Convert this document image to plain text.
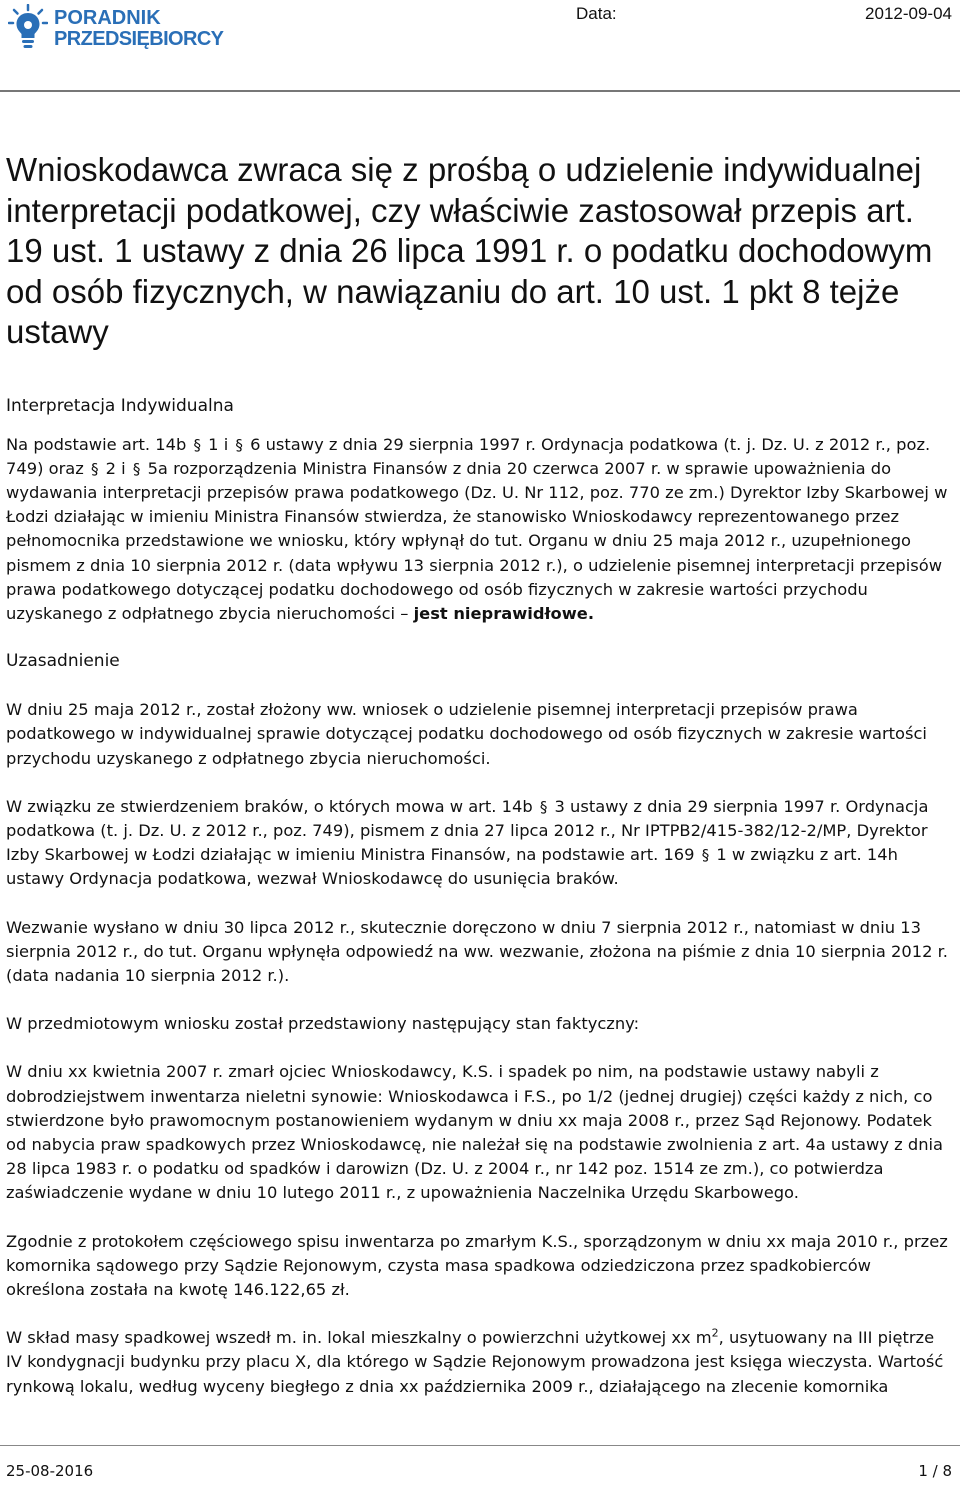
PORADNIK
PRZEDSIĘBIORCY
Data:	2012-09-04
Wnioskodawca zwraca się z prośbą o udzielenie indywidualnej interpretacji podatkowej, czy właściwie zastosował przepis art. 19 ust. 1 ustawy z dnia 26 lipca 1991 r. o podatku dochodowym od osób fizycznych, w nawiązaniu do art. 10 ust. 1 pkt 8 tejże ustawy
Interpretacja Indywidualna

Na podstawie art. 14b § 1 i § 6 ustawy z dnia 29 sierpnia 1997 r. Ordynacja podatkowa (t. j. Dz. U. z 2012 r., poz. 749) oraz § 2 i § 5a rozporządzenia Ministra Finansów z dnia 20 czerwca 2007 r. w sprawie upoważnienia do wydawania interpretacji przepisów prawa podatkowego (Dz. U. Nr 112, poz. 770 ze zm.) Dyrektor Izby Skarbowej w Łodzi działając w imieniu Ministra Finansów stwierdza, że stanowisko Wnioskodawcy reprezentowanego przez pełnomocnika przedstawione we wniosku, który wpłynął do tut. Organu w dniu 25 maja 2012 r., uzupełnionego pismem z dnia 10 sierpnia 2012 r. (data wpływu 13 sierpnia 2012 r.), o udzielenie pisemnej interpretacji przepisów prawa podatkowego dotyczącej podatku dochodowego od osób fizycznych w zakresie wartości przychodu uzyskanego z odpłatnego zbycia nieruchomości – jest nieprawidłowe.

Uzasadnienie

W dniu 25 maja 2012 r., został złożony ww. wniosek o udzielenie pisemnej interpretacji przepisów prawa podatkowego w indywidualnej sprawie dotyczącej podatku dochodowego od osób fizycznych w zakresie wartości przychodu uzyskanego z odpłatnego zbycia nieruchomości.

W związku ze stwierdzeniem braków, o których mowa w art. 14b § 3 ustawy z dnia 29 sierpnia 1997 r. Ordynacja podatkowa (t. j. Dz. U. z 2012 r., poz. 749), pismem z dnia 27 lipca 2012 r., Nr IPTPB2/415-382/12-2/MP, Dyrektor Izby Skarbowej w Łodzi działając w imieniu Ministra Finansów, na podstawie art. 169 § 1 w związku z art. 14h ustawy Ordynacja podatkowa, wezwał Wnioskodawcę do usunięcia braków.

Wezwanie wysłano w dniu 30 lipca 2012 r., skutecznie doręczono w dniu 7 sierpnia 2012 r., natomiast w dniu 13 sierpnia 2012 r., do tut. Organu wpłynęła odpowiedź na ww. wezwanie, złożona na piśmie z dnia 10 sierpnia 2012 r. (data nadania 10 sierpnia 2012 r.).

W przedmiotowym wniosku został przedstawiony następujący stan faktyczny:

W dniu xx kwietnia 2007 r. zmarł ojciec Wnioskodawcy, K.S. i spadek po nim, na podstawie ustawy nabyli z dobrodziejstwem inwentarza nieletni synowie: Wnioskodawca i F.S., po 1/2 (jednej drugiej) części każdy z nich, co stwierdzone było prawomocnym postanowieniem wydanym w dniu xx maja 2008 r., przez Sąd Rejonowy. Podatek od nabycia praw spadkowych przez Wnioskodawcę, nie należał się na podstawie zwolnienia z art. 4a ustawy z dnia 28 lipca 1983 r. o podatku od spadków i darowizn (Dz. U. z 2004 r., nr 142 poz. 1514 ze zm.), co potwierdza zaświadczenie wydane w dniu 10 lutego 2011 r., z upoważnienia Naczelnika Urzędu Skarbowego.

Zgodnie z protokołem częściowego spisu inwentarza po zmarłym K.S., sporządzonym w dniu xx maja 2010 r., przez komornika sądowego przy Sądzie Rejonowym, czysta masa spadkowa odziedziczona przez spadkobierców określona została na kwotę 146.122,65 zł.

W skład masy spadkowej wszedł m. in. lokal mieszkalny o powierzchni użytkowej xx $m^2$, usytuowany na III piętrze IV kondygnacji budynku przy placu X, dla którego w Sądzie Rejonowym prowadzona jest księga wieczysta. Wartość rynkową lokalu, według wyceny biegłego z dnia xx października 2009 r., działającego na zlecenie komornika

25-08-2016	1 / 8
